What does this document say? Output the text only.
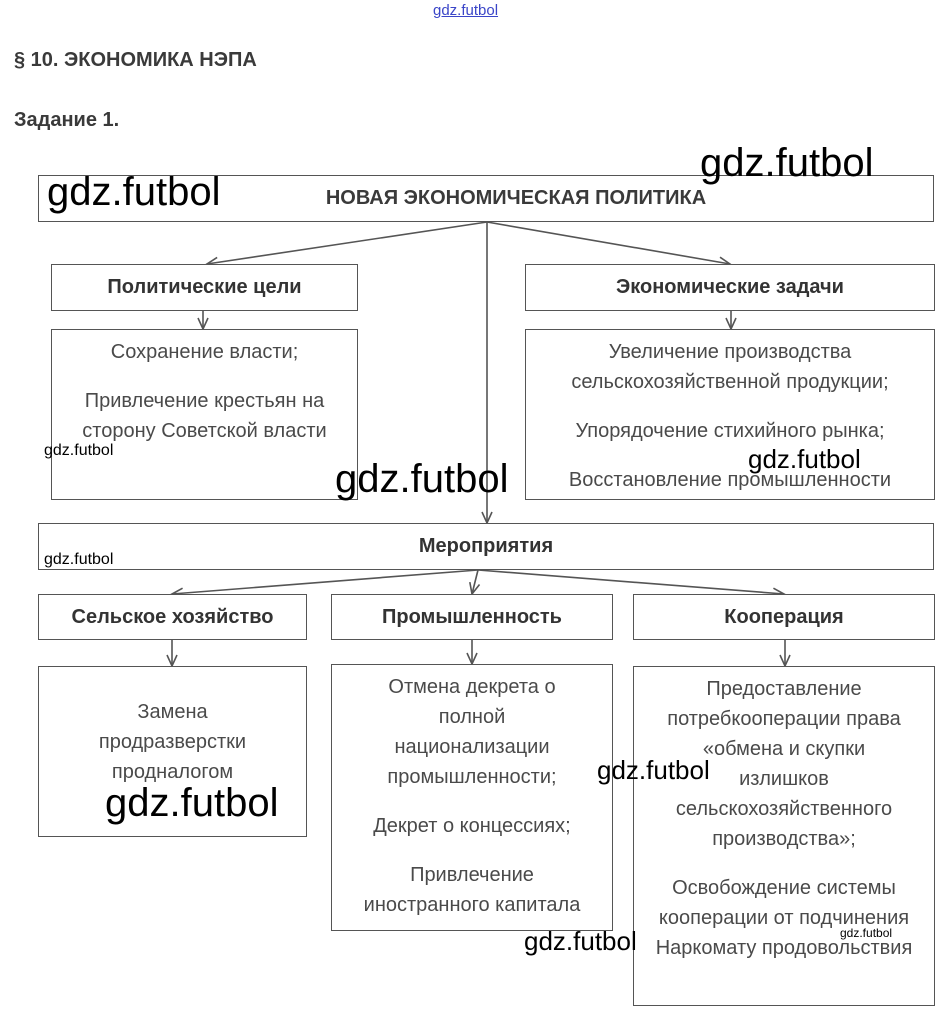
§ 10. ЭКОНОМИКА НЭПА
Задание 1.
НОВАЯ ЭКОНОМИЧЕСКАЯ ПОЛИТИКА
Политические цели

Сохранение власти;

Привлечение крестьян на сторону Советской власти

Экономические задачи

Увеличение производства сельскохозяйственной продукции;

Упорядочение стихийного рынка;

Восстановление промышленности

Мероприятия
Сельское хозяйство

Замена продразверстки продналогом

Промышленность

Отмена декрета о полной национализации промышленности;

Декрет о концессиях;

Привлечение иностранного капитала

Кооперация

Предоставление потребкооперации права «обмена и скупки излишков сельскохозяйственного производства»;

Освобождение системы кооперации от подчинения Наркомату продовольствия

gdz.futbol
gdz.futbol
gdz.futbol
gdz.futbol
gdz.futbol	gdz.futbol
gdz.futbol
gdz.futbol
gdz.futbol
gdz.futbol	gdz.futbol
